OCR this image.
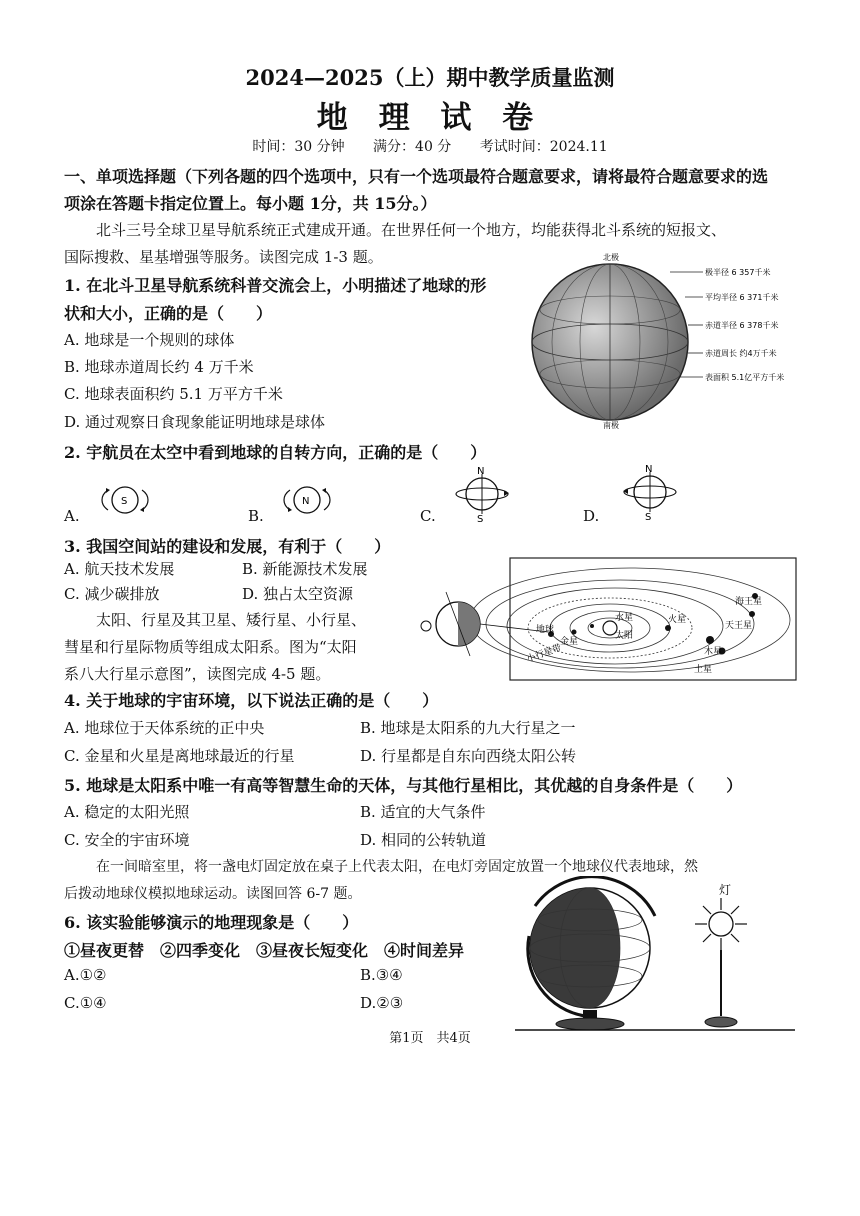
2024—2025（上）期中教学质量监测
地 理 试 卷
时间：30 分钟 满分：40 分 考试时间：2024.11
一、单项选择题（下列各题的四个选项中，只有一个选项最符合题意要求，请将最符合题意要求的选
项涂在答题卡指定位置上。每小题 1分，共 15分。）
北斗三号全球卫星导航系统正式建成开通。在世界任何一个地方，均能获得北斗系统的短报文、
国际搜救、星基增强等服务。读图完成 1-3 题。
1. 在北斗卫星导航系统科普交流会上，小明描述了地球的形
状和大小，正确的是（　　）
A. 地球是一个规则的球体
B. 地球赤道周长约 4 万千米
C. 地球表面积约 5.1 万平方千米
D. 通过观察日食现象能证明地球是球体
北极
南极
极半径 6 357千米
平均半径 6 371千米
赤道半径 6 378千米
赤道周长 约4万千米
表面积 5.1亿平方千米
2. 宇航员在太空中看到地球的自转方向，正确的是（　　）
A.
S
B.
N
C.
N
S	D.
N
S
3. 我国空间站的建设和发展，有利于（　　）
A. 航天技术发展	B. 新能源技术发展
C. 减少碳排放	D. 独占太空资源
太阳、行星及其卫星、矮行星、小行星、
彗星和行星际物质等组成太阳系。图为“太阳
系八大行星示意图”，读图完成 4-5 题。
水星
太阳
金星
地球
火星
木星
土星
天王星
海王星
小行星带
4. 关于地球的宇宙环境，以下说法正确的是（　　）
A. 地球位于天体系统的正中央	B. 地球是太阳系的九大行星之一
C. 金星和火星是离地球最近的行星	D. 行星都是自东向西绕太阳公转
5. 地球是太阳系中唯一有高等智慧生命的天体，与其他行星相比，其优越的自身条件是（　　）
A. 稳定的太阳光照	B. 适宜的大气条件
C. 安全的宇宙环境	D. 相同的公转轨道
在一间暗室里，将一盏电灯固定放在桌子上代表太阳，在电灯旁固定放置一个地球仪代表地球，然
后拨动地球仪模拟地球运动。读图回答 6-7 题。
6. 该实验能够演示的地理现象是（　　）
①昼夜更替　②四季变化　③昼夜长短变化　④时间差异
A.①②	B.③④
C.①④	D.②③
灯
第1页　共4页
